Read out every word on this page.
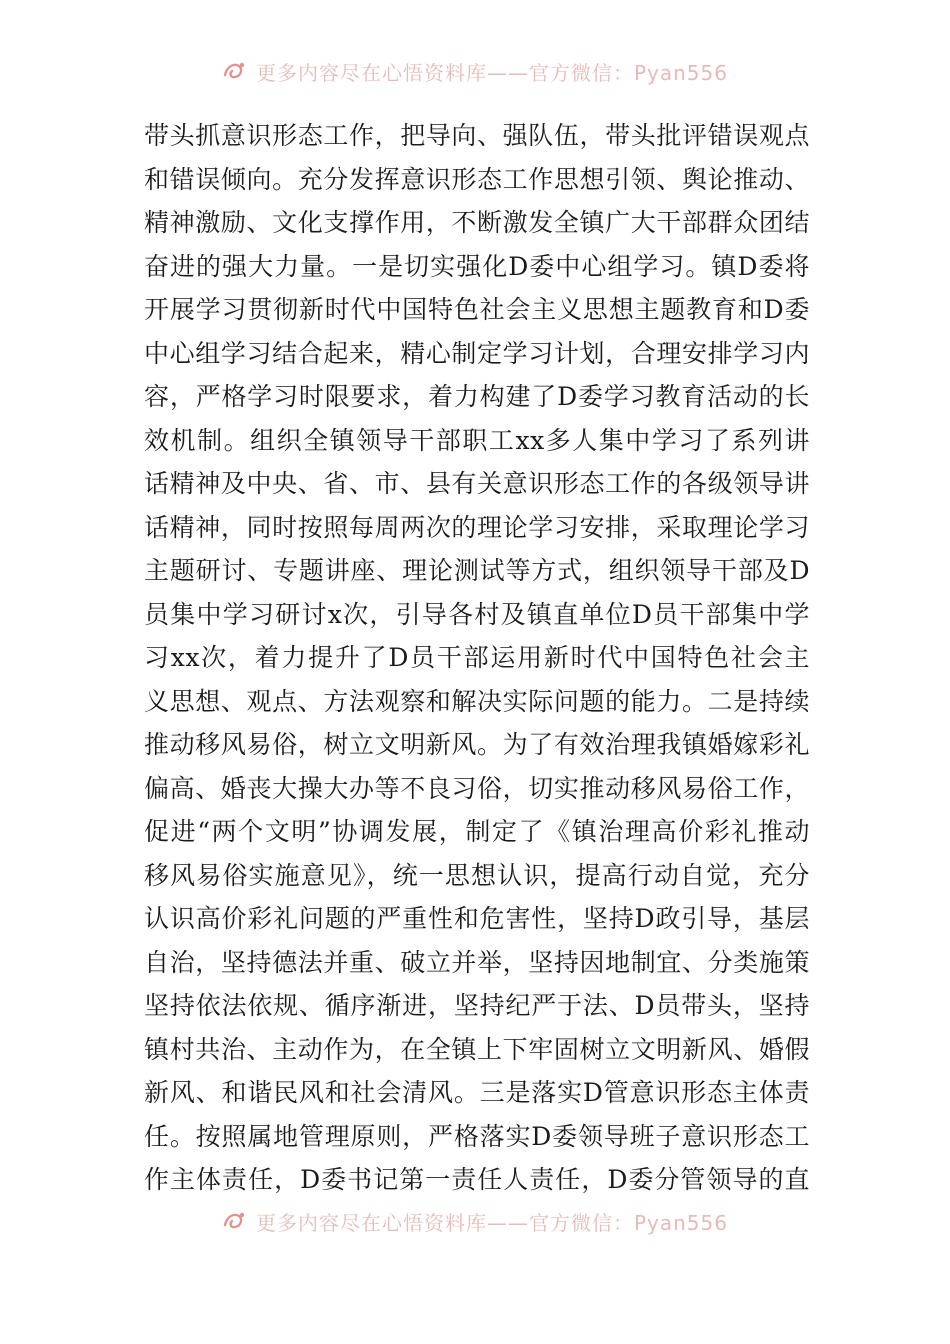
更多内容尽在心悟资料库——官方微信：Pyan556
带头抓意识形态工作，把导向、强队伍，带头批评错误观点
和错误倾向。充分发挥意识形态工作思想引领、舆论推动、
精神激励、文化支撑作用，不断激发全镇广大干部群众团结
奋进的强大力量。一是切实强化D委中心组学习。镇D委将
开展学习贯彻新时代中国特色社会主义思想主题教育和D委
中心组学习结合起来，精心制定学习计划，合理安排学习内
容，严格学习时限要求，着力构建了D委学习教育活动的长
效机制。组织全镇领导干部职工xx多人集中学习了系列讲
话精神及中央、省、市、县有关意识形态工作的各级领导讲
话精神，同时按照每周两次的理论学习安排，采取理论学习
主题研讨、专题讲座、理论测试等方式，组织领导干部及D
员集中学习研讨x次，引导各村及镇直单位D员干部集中学
习xx次，着力提升了D员干部运用新时代中国特色社会主
义思想、观点、方法观察和解决实际问题的能力。二是持续
推动移风易俗，树立文明新风。为了有效治理我镇婚嫁彩礼
偏高、婚丧大操大办等不良习俗，切实推动移风易俗工作，
促进“两个文明”协调发展，制定了《镇治理高价彩礼推动
移风易俗实施意见》，统一思想认识，提高行动自觉，充分
认识高价彩礼问题的严重性和危害性，坚持D政引导，基层
自治，坚持德法并重、破立并举，坚持因地制宜、分类施策
坚持依法依规、循序渐进，坚持纪严于法、D员带头，坚持
镇村共治、主动作为，在全镇上下牢固树立文明新风、婚假
新风、和谐民风和社会清风。三是落实D管意识形态主体责
任。按照属地管理原则，严格落实D委领导班子意识形态工
作主体责任，D委书记第一责任人责任，D委分管领导的直
更多内容尽在心悟资料库——官方微信：Pyan556
